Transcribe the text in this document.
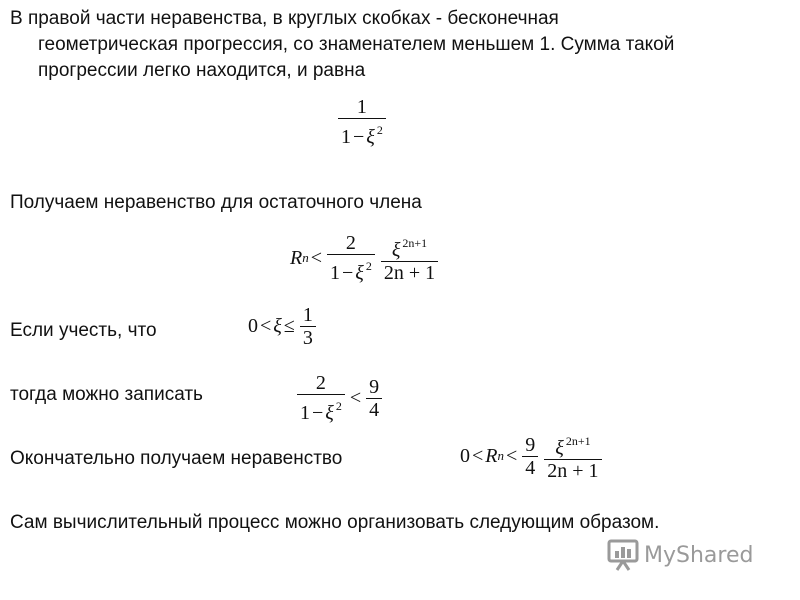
В правой части неравенства, в круглых скобках - бесконечная
геометрическая прогрессия, со знаменателем меньшем 1. Сумма такой
прогрессии легко находится, и равна
$\frac{1}{1 - \xi ^2}$
Получаем неравенство для остаточного члена
R $n < \frac{2}{1 - \xi ^2} \frac{\xi ^{2n+1}}{2n + 1}$
Если учесть, что	$0 < \xi \le \frac{1}{3}$
тогда можно записать	$\frac{2}{1 - \xi ^2} < \frac{9}{4}$
Окончательно получаем неравенство	0 < R $n < \frac{9}{4} \frac{\xi ^{2n+1}}{2n + 1}$
Сам вычислительный процесс можно организовать следующим образом.
MyShared
